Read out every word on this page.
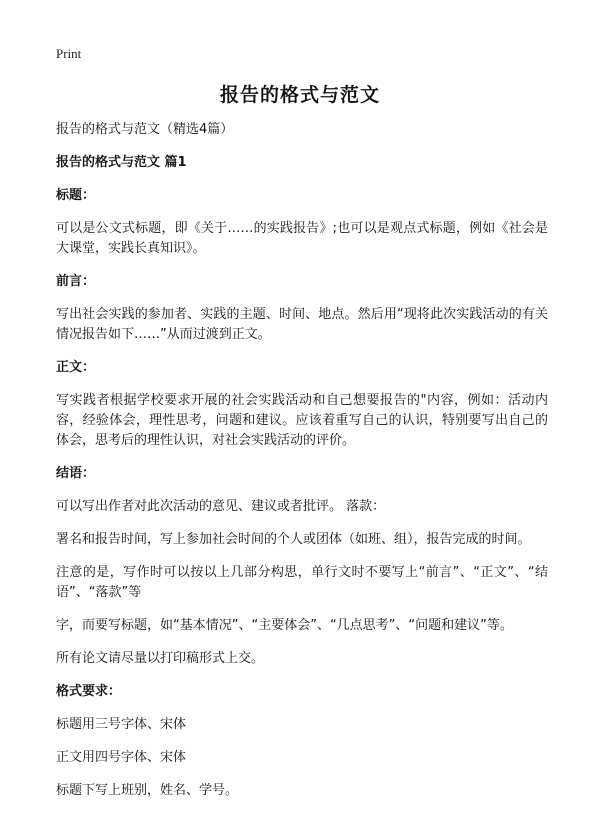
Print
报告的格式与范文
报告的格式与范文（精选4篇）
报告的格式与范文 篇1
标题：
可以是公文式标题，即《关于……的实践报告》;也可以是观点式标题，例如《社会是大课堂，实践长真知识》。
前言：
写出社会实践的参加者、实践的主题、时间、地点。然后用“现将此次实践活动的有关情况报告如下……”从而过渡到正文。
正文：
写实践者根据学校要求开展的社会实践活动和自己想要报告的"内容，例如：活动内容，经验体会，理性思考，问题和建议。应该着重写自己的认识，特别要写出自己的体会，思考后的理性认识，对社会实践活动的评价。
结语：
可以写出作者对此次活动的意见、建议或者批评。 落款：
署名和报告时间，写上参加社会时间的个人或团体（如班、组），报告完成的时间。
注意的是，写作时可以按以上几部分构思，单行文时不要写上“前言”、“正文”、“结语”、“落款”等
字，而要写标题，如“基本情况”、“主要体会”、“几点思考”、“问题和建议”等。
所有论文请尽量以打印稿形式上交。
格式要求：
标题用三号字体、宋体
正文用四号字体、宋体
标题下写上班别，姓名、学号。
